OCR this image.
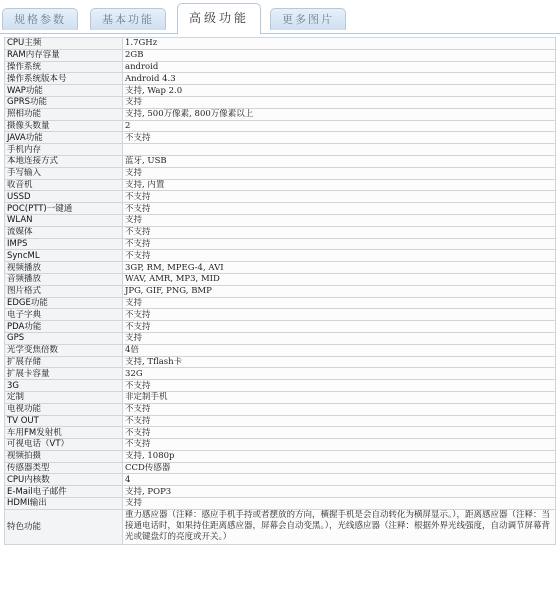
规格参数	基本功能	高级功能	更多图片
CPU主频	1.7GHz
RAM内存容量	2GB
操作系统	android
操作系统版本号	Android 4.3
WAP功能	支持, Wap 2.0
GPRS功能	支持
照相功能	支持, 500万像素, 800万像素以上
摄像头数量	2
JAVA功能	不支持
手机内存	
本地连接方式	蓝牙, USB
手写输入	支持
收音机	支持, 内置
USSD	不支持
POC(PTT)一键通	不支持
WLAN	支持
流媒体	不支持
IMPS	不支持
SyncML	不支持
视频播放	3GP, RM, MPEG-4, AVI
音频播放	WAV, AMR, MP3, MID
图片格式	JPG, GIF, PNG, BMP
EDGE功能	支持
电子字典	不支持
PDA功能	不支持
GPS	支持
光学变焦倍数	4倍
扩展存储	支持, Tflash卡
扩展卡容量	32G
3G	不支持
定制	非定制手机
电视功能	不支持
TV OUT	不支持
车用FM发射机	不支持
可视电话（VT）	不支持
视频拍摄	支持, 1080p
传感器类型	CCD传感器
CPU内核数	4
E-Mail电子邮件	支持, POP3
HDMI输出	支持
特色功能	重力感应器（注释：感应手机手持或者摆放的方向，横握手机是会自动转化为横屏显示。），距离感应器（注释：当接通电话时，如果持住距离感应器，屏幕会自动变黑。），光线感应器（注释：根据外界光线强度，自动调节屏幕背光或键盘灯的亮度或开关。）
